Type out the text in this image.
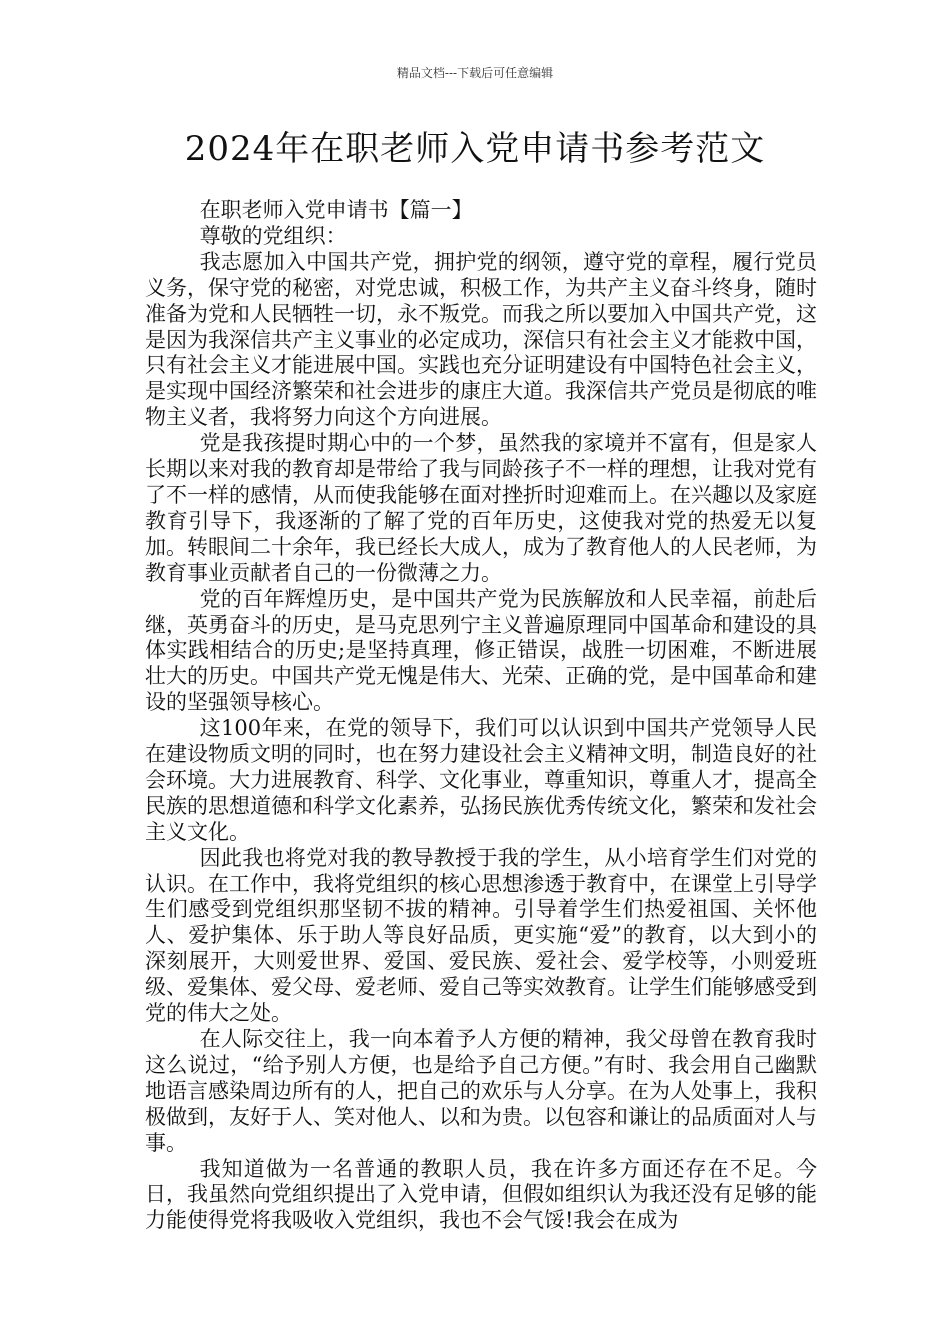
精品文档---下载后可任意编辑
2024年在职老师入党申请书参考范文

在职老师入党申请书【篇一】

尊敬的党组织：

我志愿加入中国共产党，拥护党的纲领，遵守党的章程，履行党员义务，保守党的秘密，对党忠诚，积极工作，为共产主义奋斗终身，随时准备为党和人民牺牲一切，永不叛党。而我之所以要加入中国共产党，这是因为我深信共产主义事业的必定成功，深信只有社会主义才能救中国，只有社会主义才能进展中国。实践也充分证明建设有中国特色社会主义，是实现中国经济繁荣和社会进步的康庄大道。我深信共产党员是彻底的唯物主义者，我将努力向这个方向进展。

党是我孩提时期心中的一个梦，虽然我的家境并不富有，但是家人长期以来对我的教育却是带给了我与同龄孩子不一样的理想，让我对党有了不一样的感情，从而使我能够在面对挫折时迎难而上。在兴趣以及家庭教育引导下，我逐渐的了解了党的百年历史，这使我对党的热爱无以复加。转眼间二十余年，我已经长大成人，成为了教育他人的人民老师，为教育事业贡献者自己的一份微薄之力。

党的百年辉煌历史，是中国共产党为民族解放和人民幸福，前赴后继，英勇奋斗的历史，是马克思列宁主义普遍原理同中国革命和建设的具体实践相结合的历史;是坚持真理，修正错误，战胜一切困难，不断进展壮大的历史。中国共产党无愧是伟大、光荣、正确的党，是中国革命和建设的坚强领导核心。

这100年来，在党的领导下，我们可以认识到中国共产党领导人民在建设物质文明的同时，也在努力建设社会主义精神文明，制造良好的社会环境。大力进展教育、科学、文化事业，尊重知识，尊重人才，提高全民族的思想道德和科学文化素养，弘扬民族优秀传统文化，繁荣和发社会主义文化。

因此我也将党对我的教导教授于我的学生，从小培育学生们对党的认识。在工作中，我将党组织的核心思想渗透于教育中，在课堂上引导学生们感受到党组织那坚韧不拔的精神。引导着学生们热爱祖国、关怀他人、爱护集体、乐于助人等良好品质，更实施“爱”的教育，以大到小的深刻展开，大则爱世界、爱国、爱民族、爱社会、爱学校等，小则爱班级、爱集体、爱父母、爱老师、爱自己等实效教育。让学生们能够感受到党的伟大之处。

在人际交往上，我一向本着予人方便的精神，我父母曾在教育我时这么说过，“给予别人方便，也是给予自己方便。”有时、我会用自己幽默地语言感染周边所有的人，把自己的欢乐与人分享。在为人处事上，我积极做到，友好于人、笑对他人、以和为贵。以包容和谦让的品质面对人与事。

我知道做为一名普通的教职人员，我在许多方面还存在不足。今日，我虽然向党组织提出了入党申请，但假如组织认为我还没有足够的能力能使得党将我吸收入党组织，我也不会气馁!我会在成为
